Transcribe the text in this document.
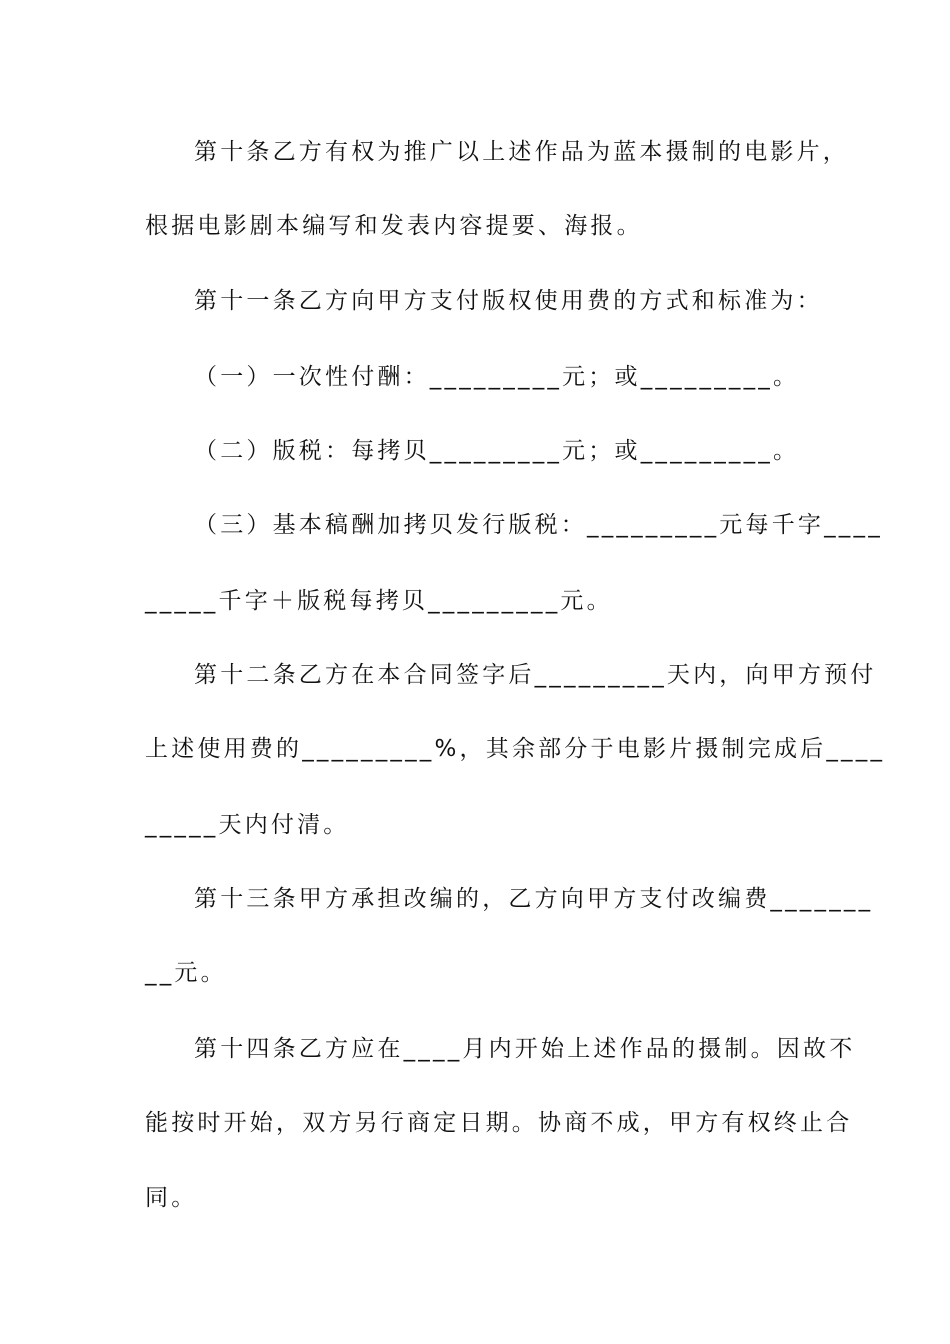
第十条乙方有权为推广以上述作品为蓝本摄制的电影片，
根据电影剧本编写和发表内容提要、海报。
第十一条乙方向甲方支付版权使用费的方式和标准为：
（一）一次性付酬：_________元；或_________。
（二）版税：每拷贝_________元；或_________。
（三）基本稿酬加拷贝发行版税：_________元每千字____
_____千字＋版税每拷贝_________元。
第十二条乙方在本合同签字后_________天内，向甲方预付
上述使用费的_________%，其余部分于电影片摄制完成后____
_____天内付清。
第十三条甲方承担改编的，乙方向甲方支付改编费_______
__元。
第十四条乙方应在____月内开始上述作品的摄制。因故不
能按时开始，双方另行商定日期。协商不成，甲方有权终止合
同。
